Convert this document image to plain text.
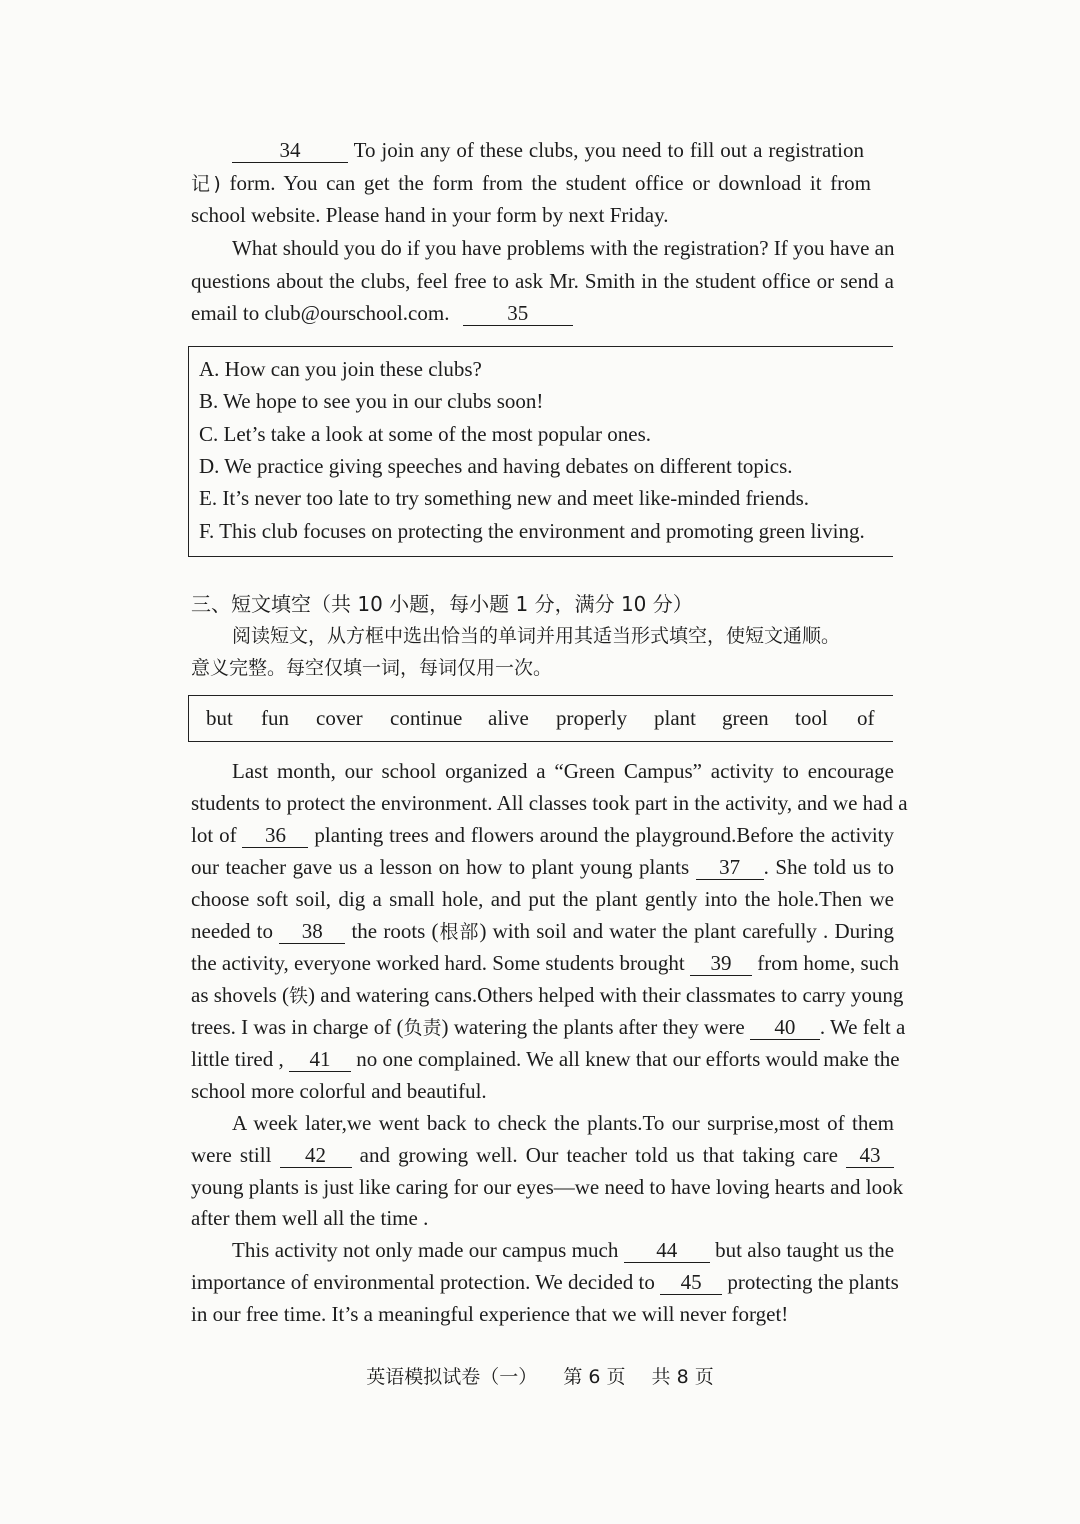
34	To join any of these clubs, you need to fill out a registration
记) form. You can get the form from the student office or download it from
school website. Please hand in your form by next Friday.
What should you do if you have problems with the registration? If you have an
questions about the clubs, feel free to ask Mr. Smith in the student office or send a
email to club@ourschool.com.	35
A. How can you join these clubs?
B. We hope to see you in our clubs soon!
C. Let’s take a look at some of the most popular ones.
D. We practice giving speeches and having debates on different topics.
E. It’s never too late to try something new and meet like-minded friends.
F. This club focuses on protecting the environment and promoting green living.
三、短文填空（共 10 小题，每小题 1 分，满分 10 分）
阅读短文，从方框中选出恰当的单词并用其适当形式填空，使短文通顺。
意义完整。每空仅填一词，每词仅用一次。
but fun cover continue alive properly plant green tool of
Last month, our school organized a “Green Campus” activity to encourage
students to protect the environment. All classes took part in the activity, and we had a
lot of 36 planting trees and flowers around the playground.Before the activity
our teacher gave us a lesson on how to plant young plants 37 . She told us to
choose soft soil, dig a small hole, and put the plant gently into the hole.Then we
needed to 38 the roots (根部) with soil and water the plant carefully . During
the activity, everyone worked hard. Some students brought 39 from home, such
as shovels (铁) and watering cans.Others helped with their classmates to carry young
trees. I was in charge of (负责) watering the plants after they were 40 . We felt a
little tired , 41 no one complained. We all knew that our efforts would make the
school more colorful and beautiful.
A week later,we went back to check the plants.To our surprise,most of them
were still 42 and growing well. Our teacher told us that taking care 43
young plants is just like caring for our eyes—we need to have loving hearts and look
after them well all the time .
This activity not only made our campus much 44 but also taught us the
importance of environmental protection. We decided to 45 protecting the plants
in our free time. It’s a meaningful experience that we will never forget!
英语模拟试卷（一） 第 6 页 共 8 页
